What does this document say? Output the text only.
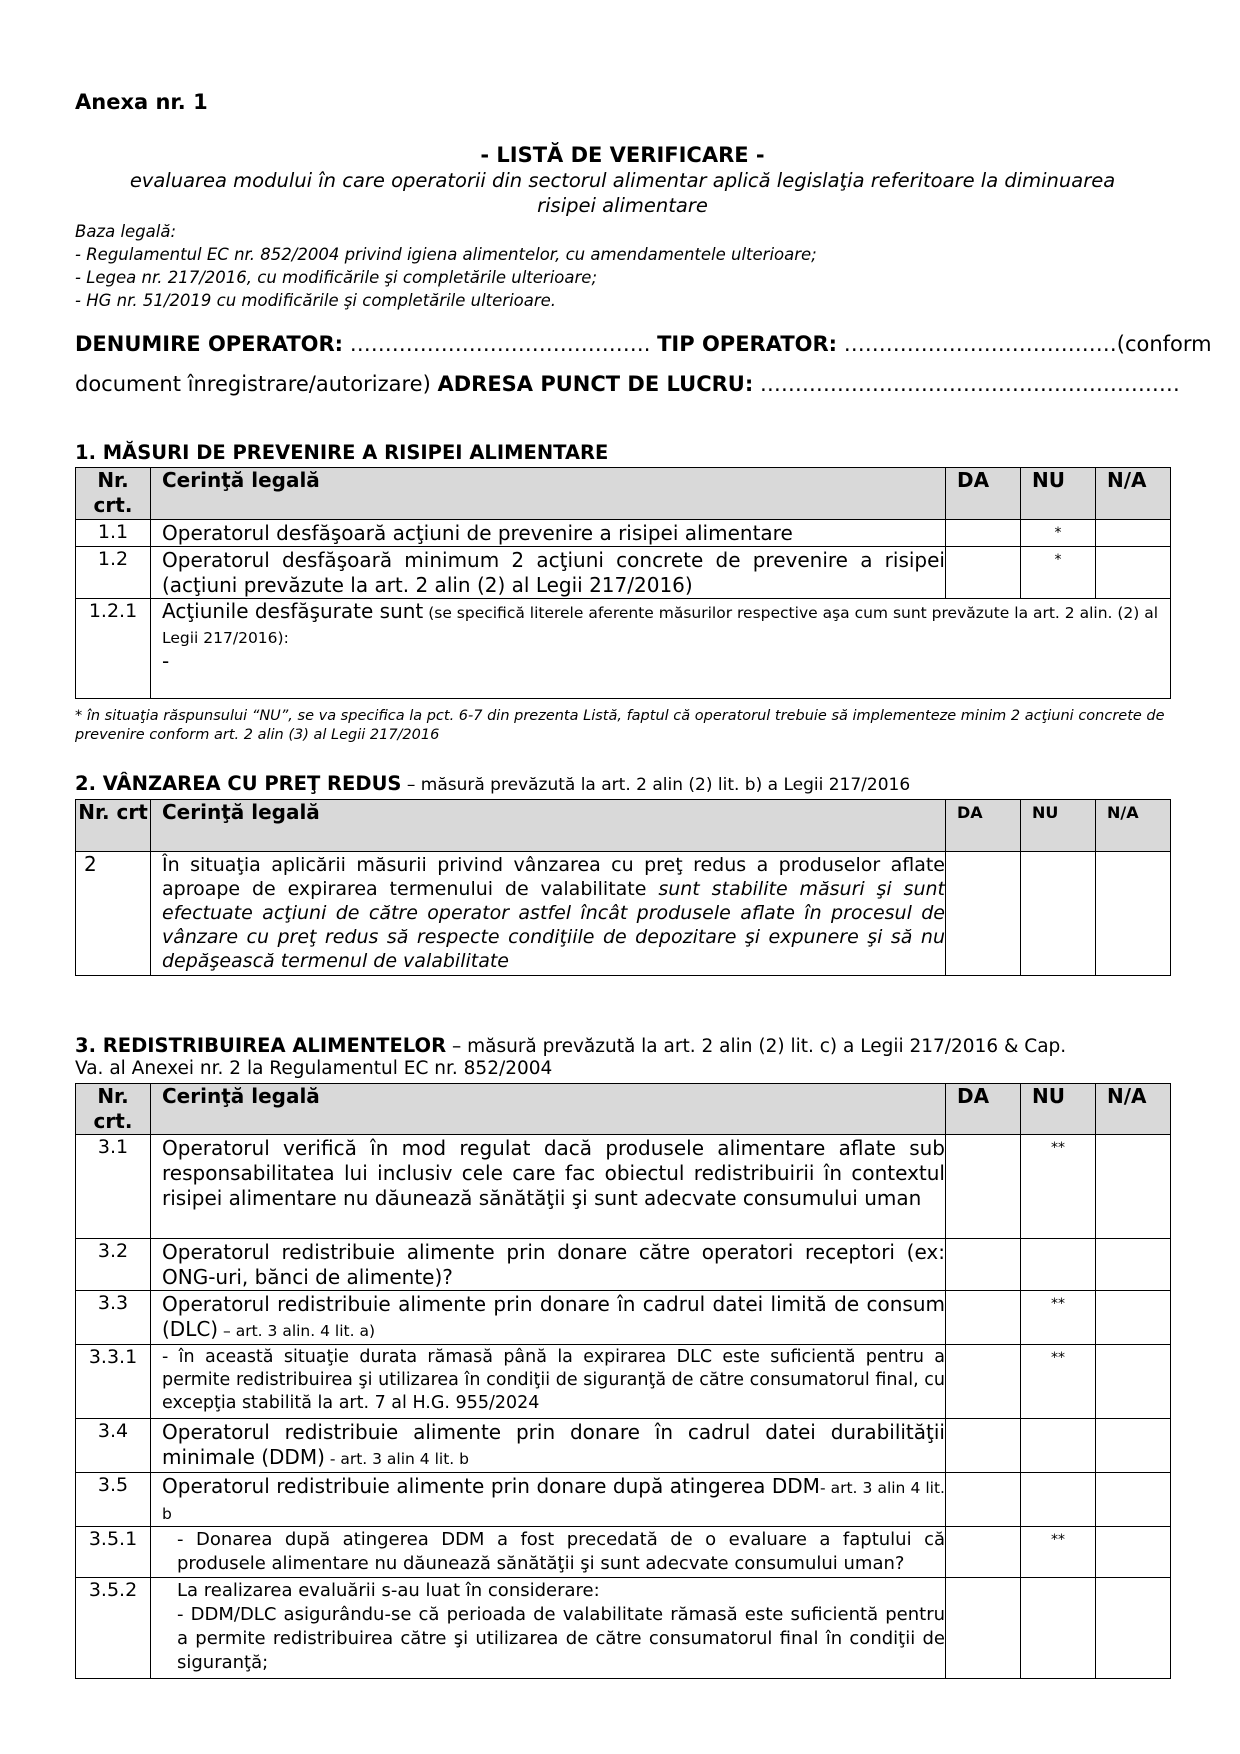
Anexa nr. 1
- LISTĂ DE VERIFICARE -
evaluarea modului în care operatorii din sectorul alimentar aplică legislaţia referitoare la diminuarea
risipei alimentare
Baza legală:
- Regulamentul EC nr. 852/2004 privind igiena alimentelor, cu amendamentele ulterioare;
- Legea nr. 217/2016, cu modificările şi completările ulterioare;
- HG nr. 51/2019 cu modificările şi completările ulterioare.
DENUMIRE OPERATOR: ……………………………………. TIP OPERATOR: …………………………………(conform
document înregistrare/autorizare) ADRESA PUNCT DE LUCRU: ……………………………………………………
1. MĂSURI DE PREVENIRE A RISIPEI ALIMENTARE
Nr. crt.	Cerinţă legală	DA	NU	N/A
1.1	Operatorul desfăşoară acţiuni de prevenire a risipei alimentare		*	
1.2	Operatorul desfăşoară minimum 2 acţiuni concrete de prevenire a risipei (acţiuni prevăzute la art. 2 alin (2) al Legii 217/2016)		*	
1.2.1	Acţiunile desfăşurate sunt (se specifică literele aferente măsurilor respective aşa cum sunt prevăzute la art. 2 alin. (2) al Legii 217/2016):
-			
* în situaţia răspunsului “NU”, se va specifica la pct. 6-7 din prezenta Listă, faptul că operatorul trebuie să implementeze minim 2 acţiuni concrete de prevenire conform art. 2 alin (3) al Legii 217/2016
2. VÂNZAREA CU PREŢ REDUS – măsură prevăzută la art. 2 alin (2) lit. b) a Legii 217/2016
Nr. crt	Cerinţă legală	DA	NU	N/A
2	În situaţia aplicării măsurii privind vânzarea cu preţ redus a produselor aflate aproape de expirarea termenului de valabilitate sunt stabilite măsuri şi sunt efectuate acţiuni de către operator astfel încât produsele aflate în procesul de vânzare cu preţ redus să respecte condiţiile de depozitare şi expunere şi să nu depăşească termenul de valabilitate			
3. REDISTRIBUIREA ALIMENTELOR – măsură prevăzută la art. 2 alin (2) lit. c) a Legii 217/2016 & Cap.
Va. al Anexei nr. 2 la Regulamentul EC nr. 852/2004
Nr. crt.	Cerinţă legală	DA	NU	N/A
3.1	Operatorul verifică în mod regulat dacă produsele alimentare aflate sub responsabilitatea lui inclusiv cele care fac obiectul redistribuirii în contextul risipei alimentare nu dăunează sănătăţii şi sunt adecvate consumului uman		**	
3.2	Operatorul redistribuie alimente prin donare către operatori receptori (ex: ONG-uri, bănci de alimente)?			
3.3	Operatorul redistribuie alimente prin donare în cadrul datei limită de consum (DLC) – art. 3 alin. 4 lit. a)		**	
3.3.1	- în această situaţie durata rămasă până la expirarea DLC este suficientă pentru a permite redistribuirea şi utilizarea în condiţii de siguranţă de către consumatorul final, cu excepţia stabilită la art. 7 al H.G. 955/2024		**	
3.4	Operatorul redistribuie alimente prin donare în cadrul datei durabilităţii minimale (DDM) - art. 3 alin 4 lit. b			
3.5	Operatorul redistribuie alimente prin donare după atingerea DDM- art. 3 alin 4 lit. b			
3.5.1	- Donarea după atingerea DDM a fost precedată de o evaluare a faptului că produsele alimentare nu dăunează sănătăţii şi sunt adecvate consumului uman?		**	
3.5.2	La realizarea evaluării s-au luat în considerare:
- DDM/DLC asigurându-se că perioada de valabilitate rămasă este suficientă pentru a permite redistribuirea către şi utilizarea de către consumatorul final în condiţii de siguranţă;			
